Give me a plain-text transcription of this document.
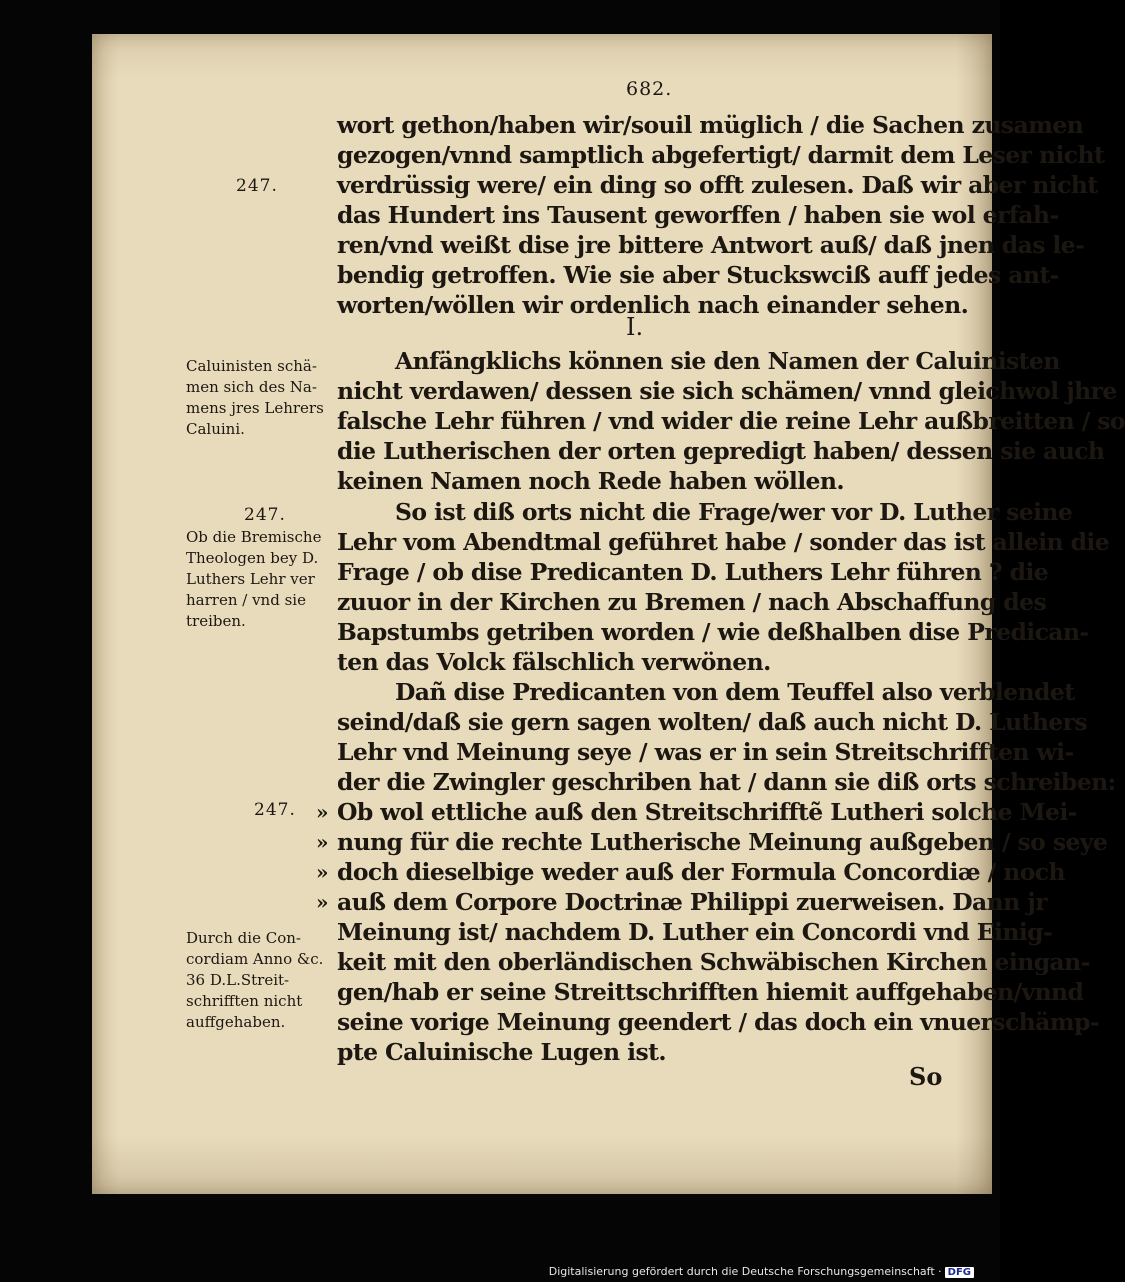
682.
wort gethon/haben wir/souil müglich / die Sachen zusamen
gezogen/vnnd samptlich abgefertigt/ darmit dem Leser nicht
verdrüssig were/ ein ding so offt zulesen. Daß wir aber nicht
das Hundert ins Tausent geworffen / haben sie wol erfah-
ren/vnd weißt dise jre bittere Antwort auß/ daß jnen das le-
bendig getroffen. Wie sie aber Stuckswciß auff jedes ant-
worten/wöllen wir ordenlich nach einander sehen.
Anfängklichs können sie den Namen der Caluinisten
nicht verdawen/ dessen sie sich schämen/ vnnd gleichwol jhre
falsche Lehr führen / vnd wider die reine Lehr außbreitten / so
die Lutherischen der orten gepredigt haben/ dessen sie auch
keinen Namen noch Rede haben wöllen.
So ist diß orts nicht die Frage/wer vor D. Luther seine
Lehr vom Abendtmal geführet habe / sonder das ist allein die
Frage / ob dise Predicanten D. Luthers Lehr führen ? die
zuuor in der Kirchen zu Bremen / nach Abschaffung des
Bapstumbs getriben worden / wie deßhalben dise Predican-
ten das Volck fälschlich verwönen.
Dañ dise Predicanten von dem Teuffel also verblendet
seind/daß sie gern sagen wolten/ daß auch nicht D. Luthers
Lehr vnd Meinung seye / was er in sein Streitschrifften wi-
der die Zwingler geschriben hat / dann sie diß orts schreiben:
Ob wol ettliche auß den Streitschrifftẽ Lutheri solche Mei-
nung für die rechte Lutherische Meinung außgeben / so seye
doch dieselbige weder auß der Formula Concordiæ / noch
auß dem Corpore Doctrinæ Philippi zuerweisen. Dann jr
Meinung ist/ nachdem D. Luther ein Concordi vnd Einig-
keit mit den oberländischen Schwäbischen Kirchen eingan-
gen/hab er seine Streittschrifften hiemit auffgehaben/vnnd
seine vorige Meinung geendert / das doch ein vnuerschämp-
pte Caluinische Lugen ist.
I.
247.
247.
247. »
»
»
»
Caluinisten schä-
men sich des Na-
mens jres Lehrers
Caluini.
Ob die Bremische
Theologen bey D.
Luthers Lehr ver
harren / vnd sie
treiben.
Durch die Con-
cordiam Anno &c.
36 D.L.Streit-
schrifften nicht
auffgehaben.
So
Digitalisierung gefördert durch die Deutsche Forschungsgemeinschaft · DFG
